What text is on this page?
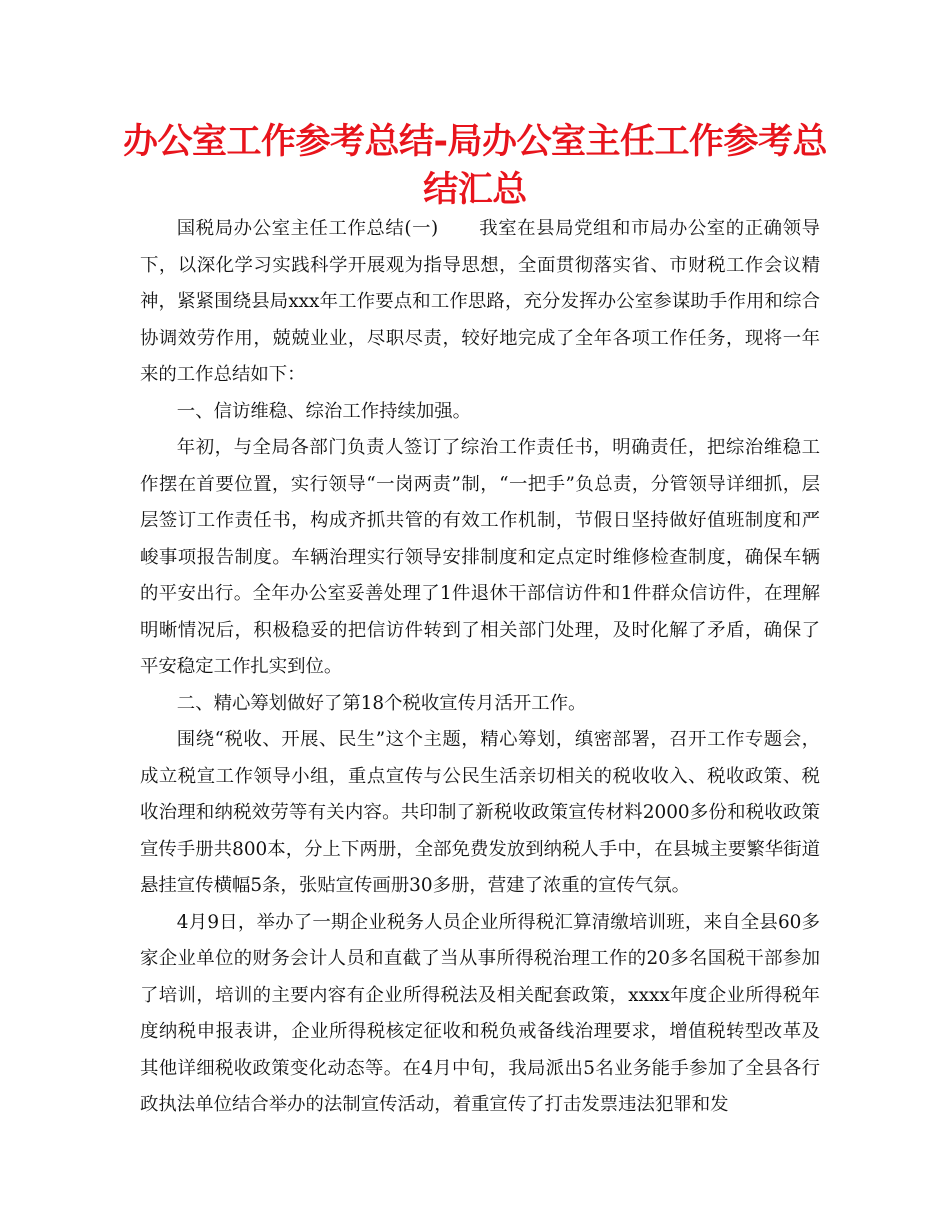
办公室工作参考总结-局办公室主任工作参考总结汇总

国税局办公室主任工作总结(一) 我室在县局党组和市局办公室的正确领导下，以深化学习实践科学开展观为指导思想，全面贯彻落实省、市财税工作会议精神，紧紧围绕县局xxx年工作要点和工作思路，充分发挥办公室参谋助手作用和综合协调效劳作用，兢兢业业，尽职尽责，较好地完成了全年各项工作任务，现将一年来的工作总结如下：

一、信访维稳、综治工作持续加强。

年初，与全局各部门负责人签订了综治工作责任书，明确责任，把综治维稳工作摆在首要位置，实行领导“一岗两责”制，“一把手”负总责，分管领导详细抓，层层签订工作责任书，构成齐抓共管的有效工作机制，节假日坚持做好值班制度和严峻事项报告制度。车辆治理实行领导安排制度和定点定时维修检查制度，确保车辆的平安出行。全年办公室妥善处理了1件退休干部信访件和1件群众信访件，在理解明晰情况后，积极稳妥的把信访件转到了相关部门处理，及时化解了矛盾，确保了平安稳定工作扎实到位。

二、精心筹划做好了第18个税收宣传月活开工作。

围绕“税收、开展、民生”这个主题，精心筹划，缜密部署，召开工作专题会，成立税宣工作领导小组，重点宣传与公民生活亲切相关的税收收入、税收政策、税收治理和纳税效劳等有关内容。共印制了新税收政策宣传材料2000多份和税收政策宣传手册共800本，分上下两册，全部免费发放到纳税人手中，在县城主要繁华街道悬挂宣传横幅5条，张贴宣传画册30多册，营建了浓重的宣传气氛。

4月9日，举办了一期企业税务人员企业所得税汇算清缴培训班，来自全县60多家企业单位的财务会计人员和直截了当从事所得税治理工作的20多名国税干部参加了培训，培训的主要内容有企业所得税法及相关配套政策，xxxx年度企业所得税年度纳税申报表讲，企业所得税核定征收和税负戒备线治理要求，增值税转型改革及其他详细税收政策变化动态等。在4月中旬，我局派出5名业务能手参加了全县各行政执法单位结合举办的法制宣传活动，着重宣传了打击发票违法犯罪和发
